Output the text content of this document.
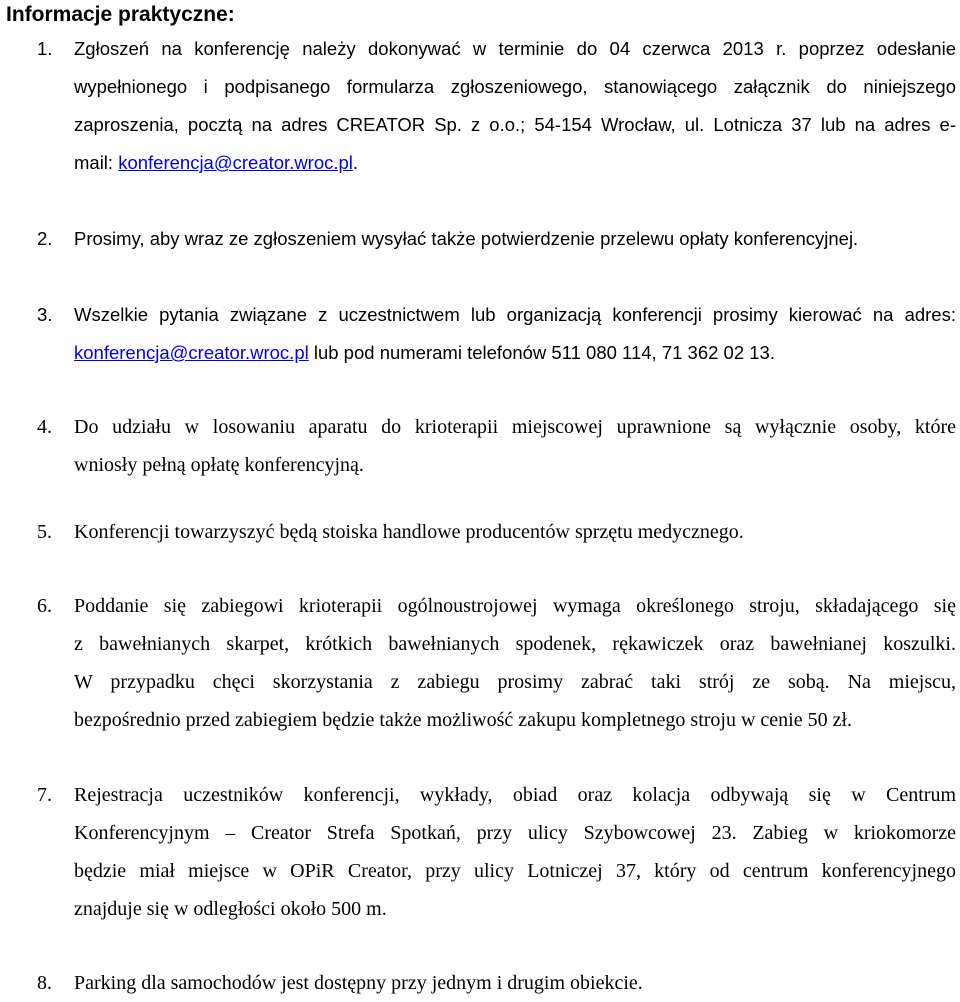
Informacje praktyczne:
1. Zgłoszeń na konferencję należy dokonywać w terminie do 04 czerwca 2013 r. poprzez odesłanie
wypełnionego i podpisanego formularza zgłoszeniowego, stanowiącego załącznik do niniejszego
zaproszenia, pocztą na adres CREATOR Sp. z o.o.; 54-154 Wrocław, ul. Lotnicza 37 lub na adres e-
mail: konferencja@creator.wroc.pl.
2. Prosimy, aby wraz ze zgłoszeniem wysyłać także potwierdzenie przelewu opłaty konferencyjnej.
3. Wszelkie pytania związane z uczestnictwem lub organizacją konferencji prosimy kierować na adres:
konferencja@creator.wroc.pl lub pod numerami telefonów 511 080 114, 71 362 02 13.
4. Do udziału w losowaniu aparatu do krioterapii miejscowej uprawnione są wyłącznie osoby, które
wniosły pełną opłatę konferencyjną.
5. Konferencji towarzyszyć będą stoiska handlowe producentów sprzętu medycznego.
6. Poddanie się zabiegowi krioterapii ogólnoustrojowej wymaga określonego stroju, składającego się
z bawełnianych skarpet, krótkich bawełnianych spodenek, rękawiczek oraz bawełnianej koszulki.
W przypadku chęci skorzystania z zabiegu prosimy zabrać taki strój ze sobą. Na miejscu,
bezpośrednio przed zabiegiem będzie także możliwość zakupu kompletnego stroju w cenie 50 zł.
7. Rejestracja uczestników konferencji, wykłady, obiad oraz kolacja odbywają się w Centrum
Konferencyjnym – Creator Strefa Spotkań, przy ulicy Szybowcowej 23. Zabieg w kriokomorze
będzie miał miejsce w OPiR Creator, przy ulicy Lotniczej 37, który od centrum konferencyjnego
znajduje się w odległości około 500 m.
8. Parking dla samochodów jest dostępny przy jednym i drugim obiekcie.
